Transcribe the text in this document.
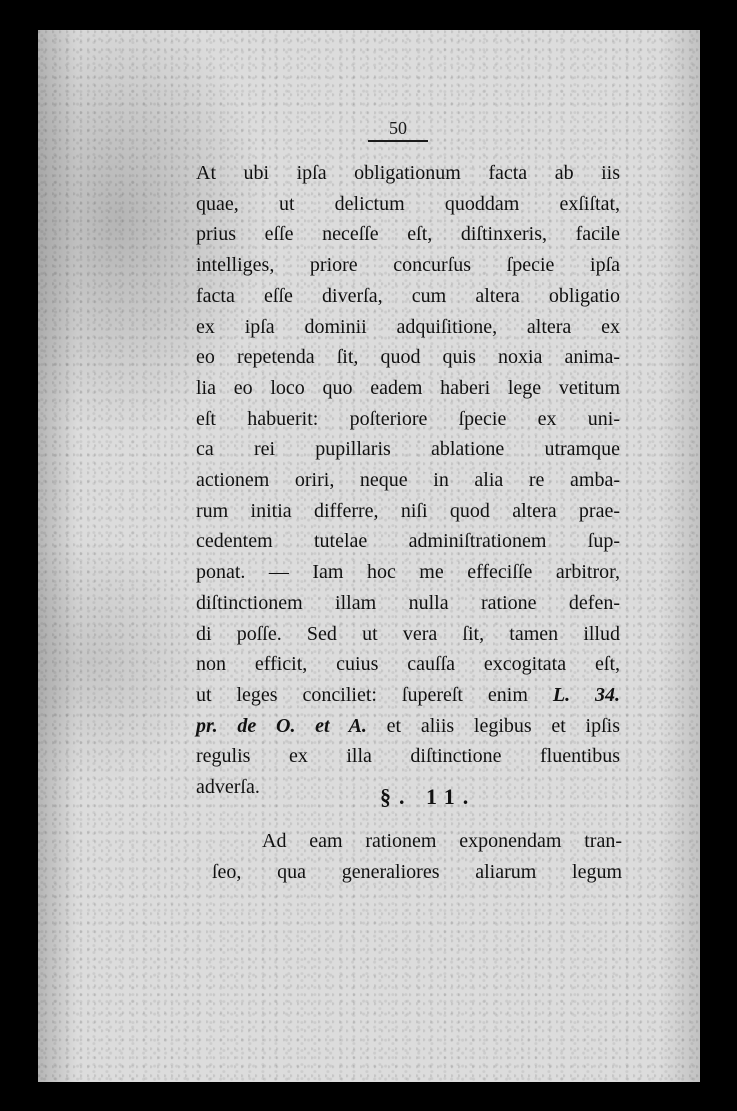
50
At ubi ipſa obligationum facta ab iis
quae, ut delictum quoddam exſiſtat,
prius eſſe neceſſe eſt, diſtinxeris, facile
intelliges, priore concurſus ſpecie ipſa
facta eſſe diverſa, cum altera obligatio
ex ipſa dominii adquiſitione, altera ex
eo repetenda ſit, quod quis noxia anima-
lia eo loco quo eadem haberi lege vetitum
eſt habuerit: poſteriore ſpecie ex uni-
ca rei pupillaris ablatione utramque
actionem oriri, neque in alia re amba-
rum initia differre, niſi quod altera prae-
cedentem tutelae adminiſtrationem ſup-
ponat. — Iam hoc me effeciſſe arbitror,
diſtinctionem illam nulla ratione defen-
di poſſe. Sed ut vera ſit, tamen illud
non efficit, cuius cauſſa excogitata eſt,
ut leges conciliet: ſupereſt enim L. 34.
pr. de O. et A. et aliis legibus et ipſis
regulis ex illa diſtinctione fluentibus
adverſa.	§. 11.
Ad eam rationem exponendam tran-
ſeo, qua generaliores aliarum legum
